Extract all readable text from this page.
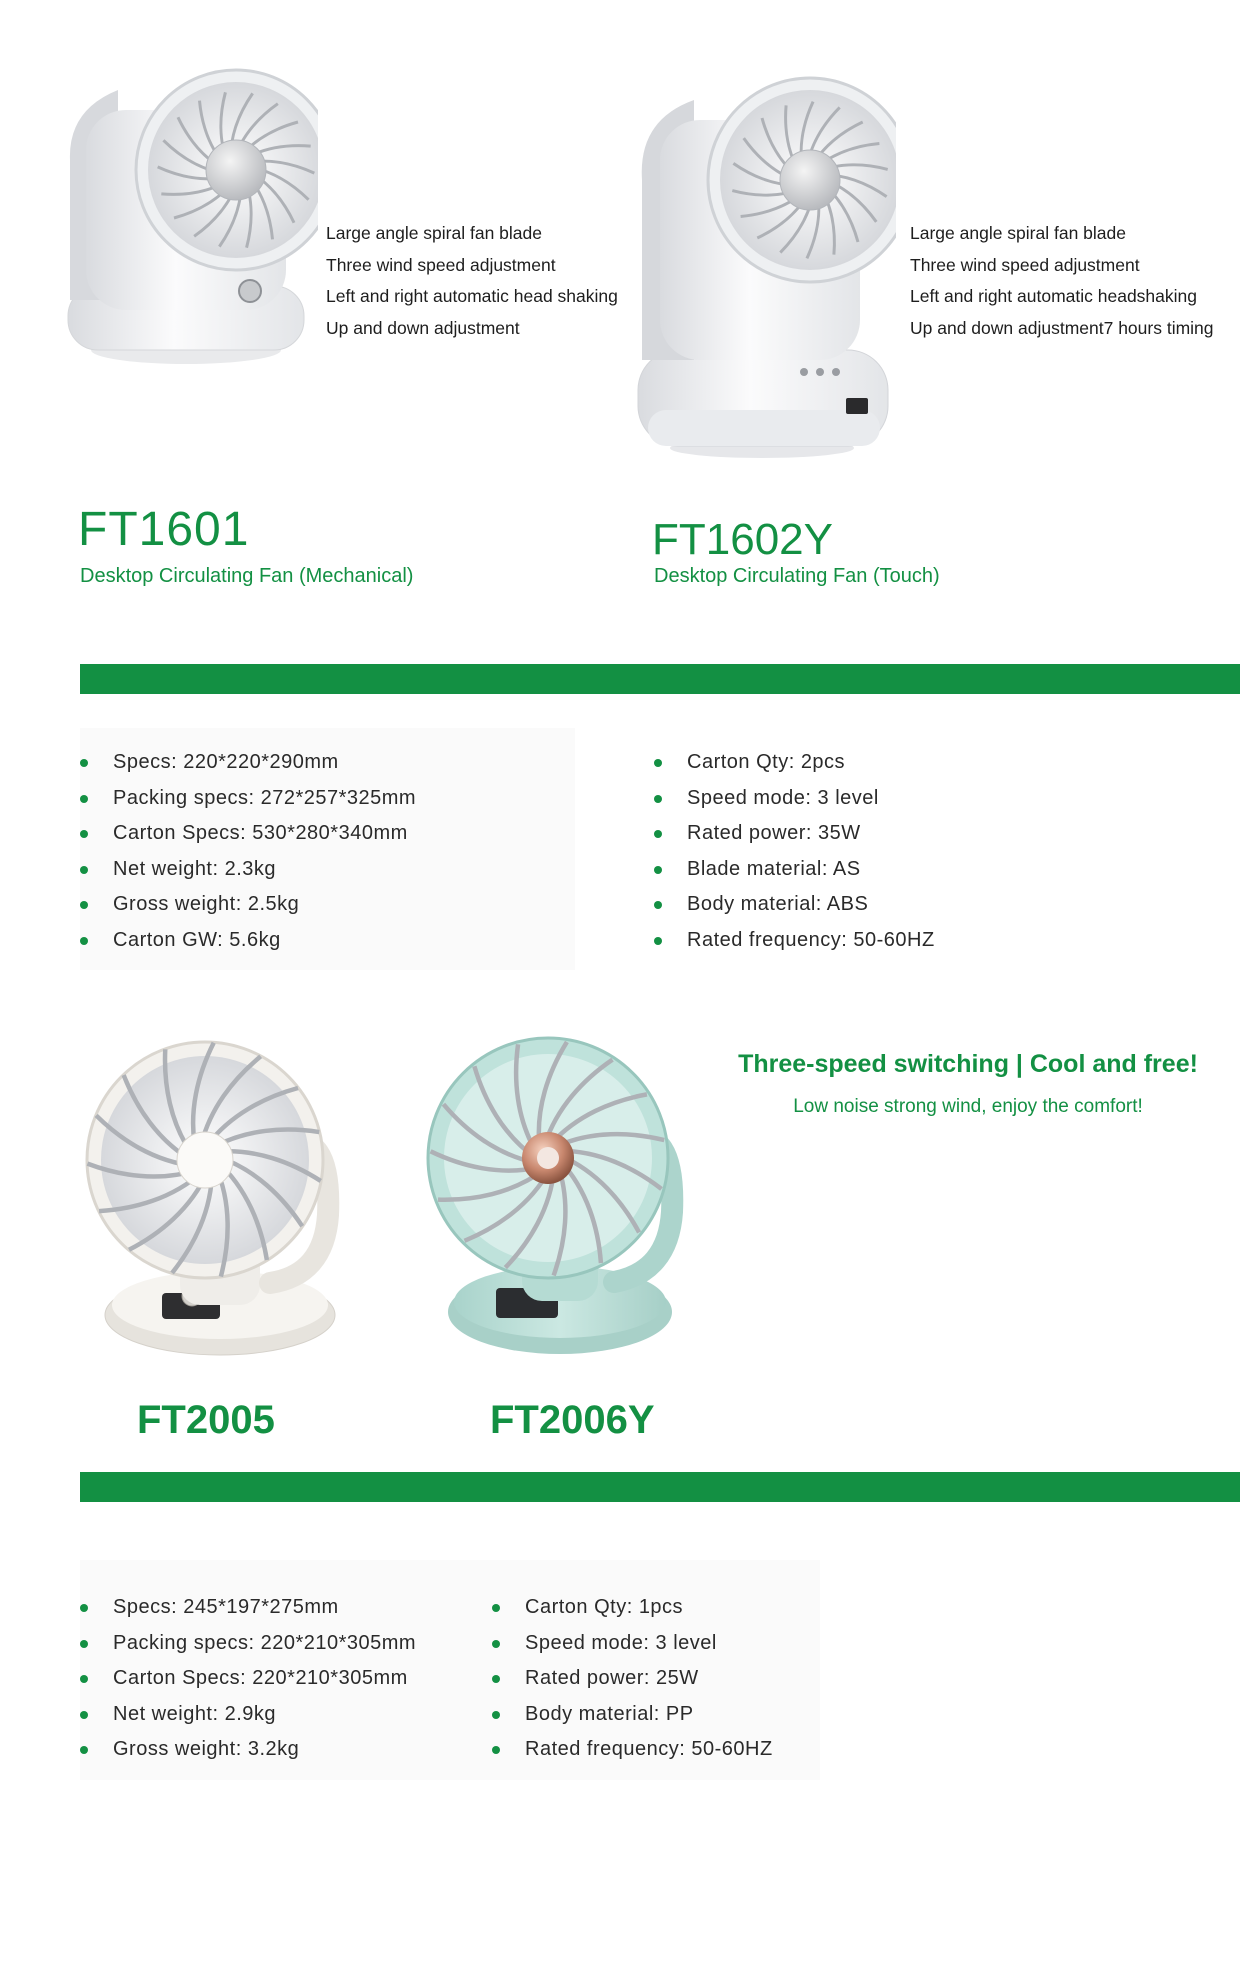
Large angle spiral fan blade
Three wind speed adjustment
Left and right automatic head shaking
Up and down adjustment
FT1601
Desktop Circulating Fan (Mechanical)
Large angle spiral fan blade
Three wind speed adjustment
Left and right automatic headshaking
Up and down adjustment7 hours timing
FT1602Y
Desktop Circulating Fan (Touch)
Specs: 220*220*290mm
Packing specs: 272*257*325mm
Carton Specs: 530*280*340mm
Net weight: 2.3kg
Gross weight: 2.5kg
Carton GW: 5.6kg
Carton Qty: 2pcs
Speed mode: 3 level
Rated power: 35W
Blade material: AS
Body material: ABS
Rated frequency: 50-60HZ
Three-speed switching | Cool and free!
Low noise strong wind, enjoy the comfort!
FT2005	FT2006Y
Specs: 245*197*275mm
Packing specs: 220*210*305mm
Carton Specs: 220*210*305mm
Net weight: 2.9kg
Gross weight: 3.2kg
Carton Qty: 1pcs
Speed mode: 3 level
Rated power: 25W
Body material: PP
Rated frequency: 50-60HZ
